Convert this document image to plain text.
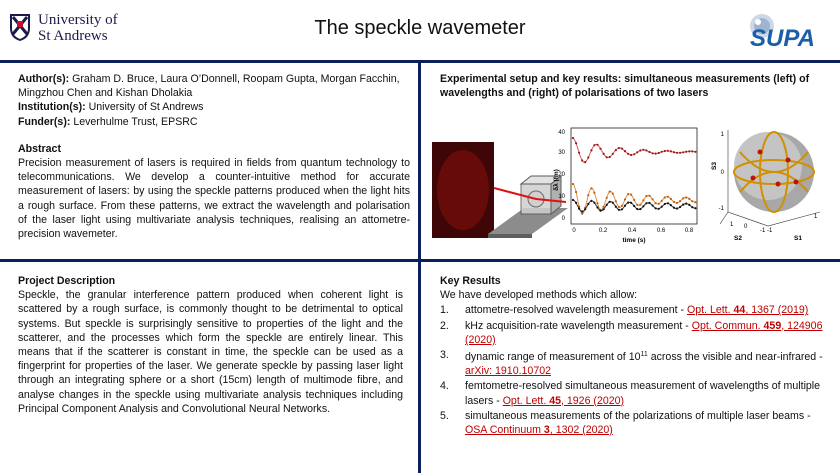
University of
St Andrews	The speckle wavemeter	SUPA
Author(s): Graham D. Bruce, Laura O’Donnell, Roopam Gupta, Morgan Facchin, Mingzhou Chen and Kishan Dholakia
Institution(s): University of St Andrews
Funder(s): Leverhulme Trust, EPSRC
Abstract
Precision measurement of lasers is required in fields from quantum technology to telecommunications. We develop a counter-intuitive method for accurate measurement of lasers: by using the speckle patterns produced when the light hits a rough surface. From these patterns, we extract the wavelength and polarisation of the laser light using multivariate analysis techniques, realising an attometre-precision wavemeter.
Experimental setup and key results: simultaneous measurements (left) of wavelengths and (right) of polarisations of two lasers
40
30
20
10
0
0	0.2	0.4	0.6	0.8
time (s)
δλ (fm)
S3
1
0
-1
1 0
-1 -1
1
S2	S1
Project Description
Speckle, the granular interference pattern produced when coherent light is scattered by a rough surface, is commonly thought to be detrimental to optical systems. But speckle is surprisingly sensitive to properties of the light and the scatterer, and the processes which form the speckle are entirely linear. This means that if the scatterer is constant in time, the speckle can be used as a fingerprint for properties of the laser. We generate speckle by passing laser light through an integrating sphere or a short (15cm) length of multimode fibre, and analyse changes in the speckle using multivariate analysis techniques including Principal Component Analysis and Convolutional Neural Networks.
Key Results
We have developed methods which allow:
1. attometre-resolved wavelength measurement - Opt. Lett. 44, 1367 (2019)
2. kHz acquisition-rate wavelength measurement - Opt. Commun. 459, 124906 (2020)
3. dynamic range of measurement of $10^{11}$ across the visible and near-infrared - arXiv: 1910.10702
4. femtometre-resolved simultaneous measurement of wavelengths of multiple lasers - Opt. Lett. 45, 1926 (2020)
5. simultaneous measurements of the polarizations of multiple laser beams - OSA Continuum 3, 1302 (2020)
